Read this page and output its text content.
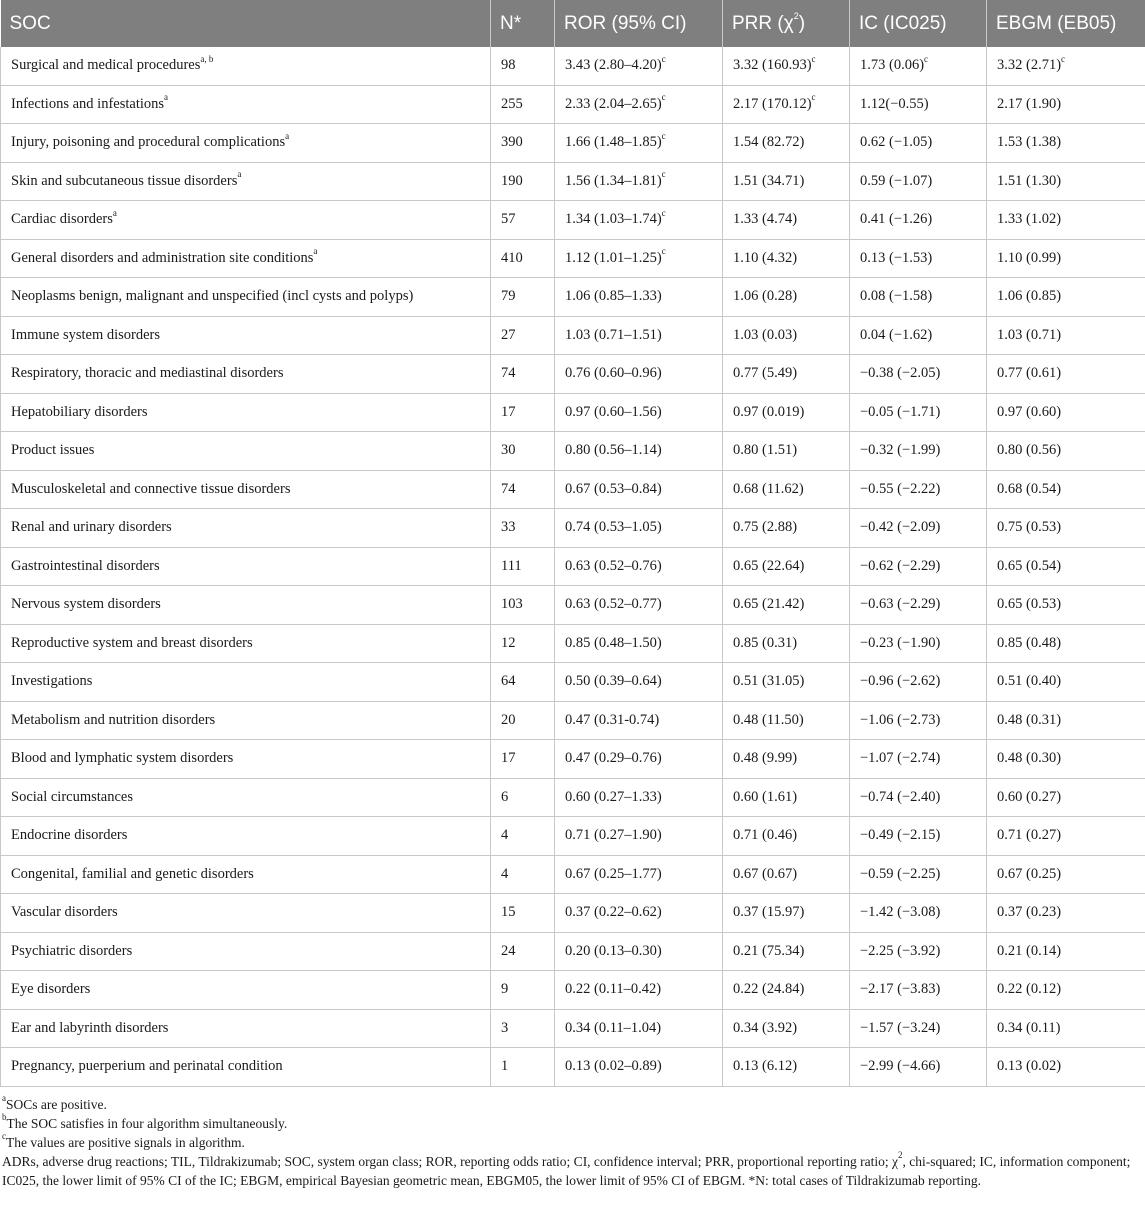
SOC	N*	ROR (95% CI)	PRR $(\chi^2)$	IC (IC025)	EBGM (EB05)
Surgical and medical procedures$^{a, b}$	98	3.43 $(2.80-4.20)^c$	3.32 $(160.93)^c$	1.73 $(0.06)^c$	3.32 $(2.71)^c$
Infections and infestations$^a$	255	2.33 $(2.04-2.65)^c$	2.17 $(170.12)^c$	1.12(−0.55)	2.17 (1.90)
Injury, poisoning and procedural complications$^a$	390	1.66 $(1.48-1.85)^c$	1.54 (82.72)	0.62 (−1.05)	1.53 (1.38)
Skin and subcutaneous tissue disorders$^a$	190	1.56 $(1.34-1.81)^c$	1.51 (34.71)	0.59 (−1.07)	1.51 (1.30)
Cardiac disorders$^a$	57	1.34 $(1.03-1.74)^c$	1.33 (4.74)	0.41 (−1.26)	1.33 (1.02)
General disorders and administration site conditions$^a$	410	1.12 $(1.01-1.25)^c$	1.10 (4.32)	0.13 (−1.53)	1.10 (0.99)
Neoplasms benign, malignant and unspecified (incl cysts and polyps)	79	1.06 (0.85–1.33)	1.06 (0.28)	0.08 (−1.58)	1.06 (0.85)
Immune system disorders	27	1.03 (0.71–1.51)	1.03 (0.03)	0.04 (−1.62)	1.03 (0.71)
Respiratory, thoracic and mediastinal disorders	74	0.76 (0.60–0.96)	0.77 (5.49)	−0.38 (−2.05)	0.77 (0.61)
Hepatobiliary disorders	17	0.97 (0.60–1.56)	0.97 (0.019)	−0.05 (−1.71)	0.97 (0.60)
Product issues	30	0.80 (0.56–1.14)	0.80 (1.51)	−0.32 (−1.99)	0.80 (0.56)
Musculoskeletal and connective tissue disorders	74	0.67 (0.53–0.84)	0.68 (11.62)	−0.55 (−2.22)	0.68 (0.54)
Renal and urinary disorders	33	0.74 (0.53–1.05)	0.75 (2.88)	−0.42 (−2.09)	0.75 (0.53)
Gastrointestinal disorders	111	0.63 (0.52–0.76)	0.65 (22.64)	−0.62 (−2.29)	0.65 (0.54)
Nervous system disorders	103	0.63 (0.52–0.77)	0.65 (21.42)	−0.63 (−2.29)	0.65 (0.53)
Reproductive system and breast disorders	12	0.85 (0.48–1.50)	0.85 (0.31)	−0.23 (−1.90)	0.85 (0.48)
Investigations	64	0.50 (0.39–0.64)	0.51 (31.05)	−0.96 (−2.62)	0.51 (0.40)
Metabolism and nutrition disorders	20	0.47 (0.31-0.74)	0.48 (11.50)	−1.06 (−2.73)	0.48 (0.31)
Blood and lymphatic system disorders	17	0.47 (0.29–0.76)	0.48 (9.99)	−1.07 (−2.74)	0.48 (0.30)
Social circumstances	6	0.60 (0.27–1.33)	0.60 (1.61)	−0.74 (−2.40)	0.60 (0.27)
Endocrine disorders	4	0.71 (0.27–1.90)	0.71 (0.46)	−0.49 (−2.15)	0.71 (0.27)
Congenital, familial and genetic disorders	4	0.67 (0.25–1.77)	0.67 (0.67)	−0.59 (−2.25)	0.67 (0.25)
Vascular disorders	15	0.37 (0.22–0.62)	0.37 (15.97)	−1.42 (−3.08)	0.37 (0.23)
Psychiatric disorders	24	0.20 (0.13–0.30)	0.21 (75.34)	−2.25 (−3.92)	0.21 (0.14)
Eye disorders	9	0.22 (0.11–0.42)	0.22 (24.84)	−2.17 (−3.83)	0.22 (0.12)
Ear and labyrinth disorders	3	0.34 (0.11–1.04)	0.34 (3.92)	−1.57 (−3.24)	0.34 (0.11)
Pregnancy, puerperium and perinatal condition	1	0.13 (0.02–0.89)	0.13 (6.12)	−2.99 (−4.66)	0.13 (0.02)

$^a$SOCs are positive.

$^b$The SOC satisfies in four algorithm simultaneously.

$^c$The values are positive signals in algorithm.

ADRs, adverse drug reactions; TIL, Tildrakizumab; SOC, system organ class; ROR, reporting odds ratio; CI, confidence interval; PRR, proportional reporting ratio; $\chi^2$, chi-squared; IC, information component; IC025, the lower limit of 95% CI of the IC; EBGM, empirical Bayesian geometric mean, EBGM05, the lower limit of 95% CI of EBGM. *N: total cases of Tildrakizumab reporting.
